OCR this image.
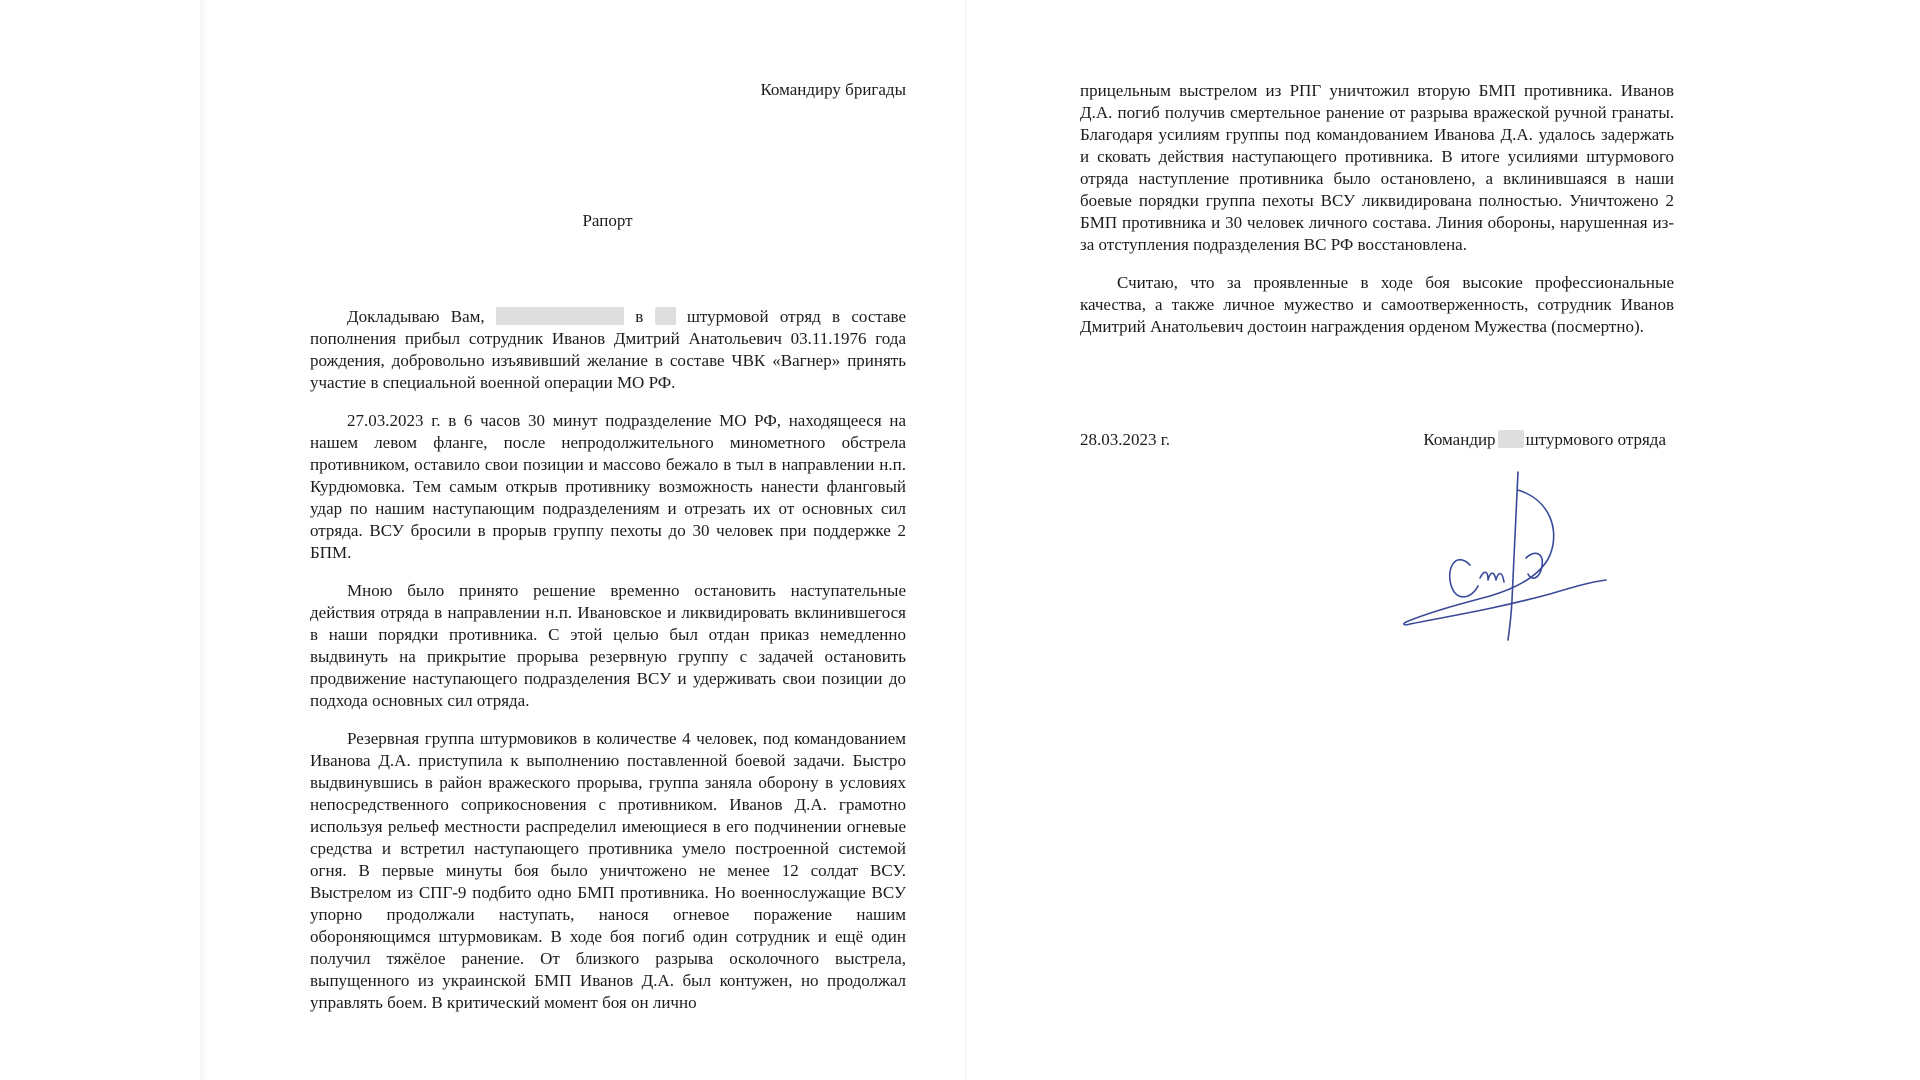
Командиру бригады
Рапорт

Докладываю Вам,	в	штурмовой отряд в составе пополнения прибыл сотрудник Иванов Дмитрий Анатольевич 03.11.1976 года рождения, добровольно изъявивший желание в составе ЧВК «Вагнер» принять участие в специальной военной операции МО РФ.

27.03.2023 г. в 6 часов 30 минут подразделение МО РФ, находящееся на нашем левом фланге, после непродолжительного минометного обстрела противником, оставило свои позиции и массово бежало в тыл в направлении н.п. Курдюмовка. Тем самым открыв противнику возможность нанести фланговый удар по нашим наступающим подразделениям и отрезать их от основных сил отряда. ВСУ бросили в прорыв группу пехоты до 30 человек при поддержке 2 БПМ.

Мною было принято решение временно остановить наступательные действия отряда в направлении н.п. Ивановское и ликвидировать вклинившегося в наши порядки противника. С этой целью был отдан приказ немедленно выдвинуть на прикрытие прорыва резервную группу с задачей остановить продвижение наступающего подразделения ВСУ и удерживать свои позиции до подхода основных сил отряда.

Резервная группа штурмовиков в количестве 4 человек, под командованием Иванова Д.А. приступила к выполнению поставленной боевой задачи. Быстро выдвинувшись в район вражеского прорыва, группа заняла оборону в условиях непосредственного соприкосновения с противником. Иванов Д.А. грамотно используя рельеф местности распределил имеющиеся в его подчинении огневые средства и встретил наступающего противника умело построенной системой огня. В первые минуты боя было уничтожено не менее 12 солдат ВСУ. Выстрелом из СПГ-9 подбито одно БМП противника. Но военнослужащие ВСУ упорно продолжали наступать, нанося огневое поражение нашим обороняющимся штурмовикам. В ходе боя погиб один сотрудник и ещё один получил тяжёлое ранение. От близкого разрыва осколочного выстрела, выпущенного из украинской БМП Иванов Д.А. был контужен, но продолжал управлять боем. В критический момент боя он лично

прицельным выстрелом из РПГ уничтожил вторую БМП противника. Иванов Д.А. погиб получив смертельное ранение от разрыва вражеской ручной гранаты. Благодаря усилиям группы под командованием Иванова Д.А. удалось задержать и сковать действия наступающего противника. В итоге усилиями штурмового отряда наступление противника было остановлено, а вклинившаяся в наши боевые порядки группа пехоты ВСУ ликвидирована полностью. Уничтожено 2 БМП противника и 30 человек личного состава. Линия обороны, нарушенная из-за отступления подразделения ВС РФ восстановлена.

Считаю, что за проявленные в ходе боя высокие профессиональные качества, а также личное мужество и самоотверженность, сотрудник Иванов Дмитрий Анатольевич достоин награждения орденом Мужества (посмертно).

28.03.2023 г.	Командир штурмового отряда
